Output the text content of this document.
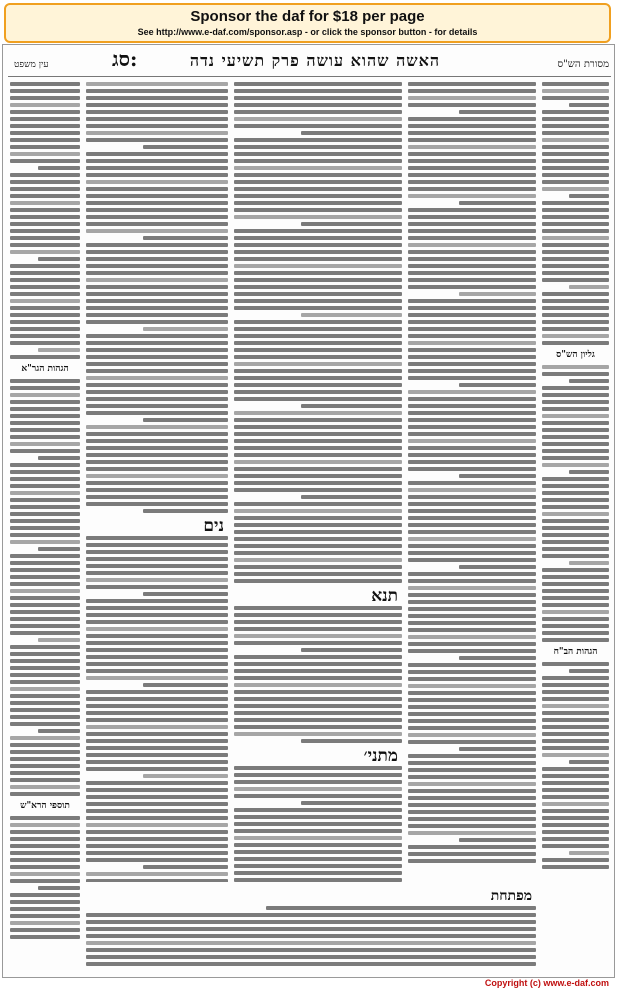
Sponsor the daf for $18 per page
See http://www.e-daf.com/sponsor.asp - or click the sponsor button - for details
עין משפט	סג:	האשה שהוא עושה פרק תשיעי נדה	מסורת הש"ס
הגהות הגר"א
תוספי הרא"ש
נים
תנא
מתני׳
גליון הש"ס
הגהות הב"ח
מפתחת
Copyright (c) www.e-daf.com
